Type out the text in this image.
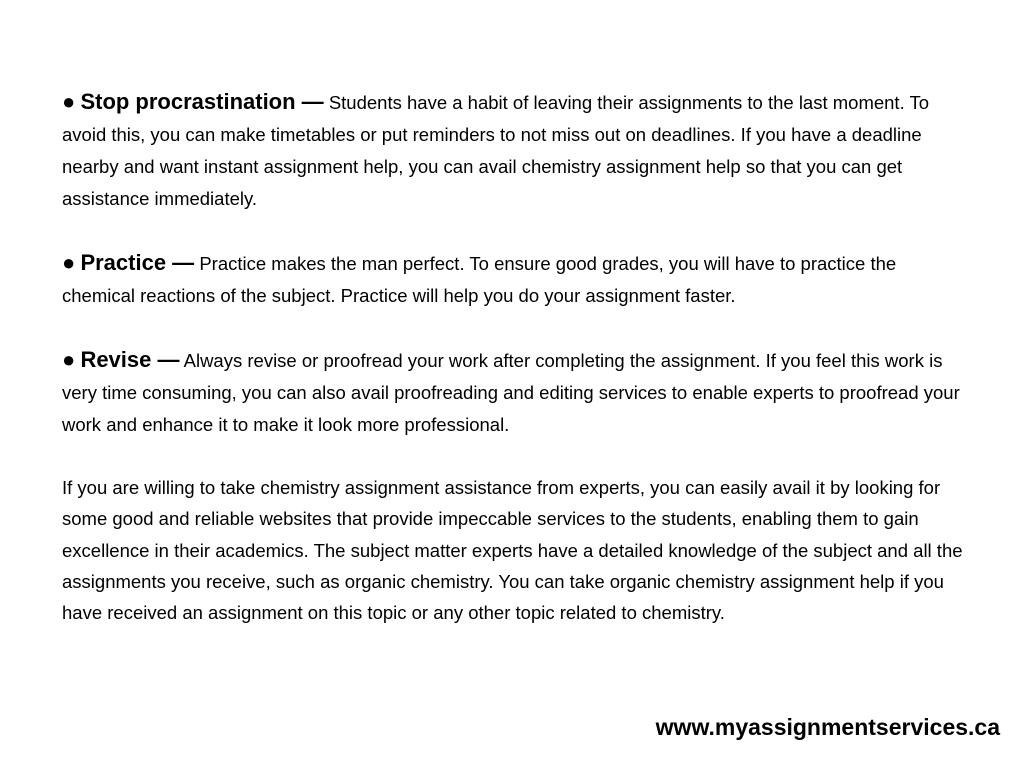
● Stop procrastination — Students have a habit of leaving their assignments to the last moment. To avoid this, you can make timetables or put reminders to not miss out on deadlines. If you have a deadline nearby and want instant assignment help, you can avail chemistry assignment help so that you can get assistance immediately.

● Practice — Practice makes the man perfect. To ensure good grades, you will have to practice the chemical reactions of the subject. Practice will help you do your assignment faster.

● Revise — Always revise or proofread your work after completing the assignment. If you feel this work is very time consuming, you can also avail proofreading and editing services to enable experts to proofread your work and enhance it to make it look more professional.

If you are willing to take chemistry assignment assistance from experts, you can easily avail it by looking for some good and reliable websites that provide impeccable services to the students, enabling them to gain excellence in their academics. The subject matter experts have a detailed knowledge of the subject and all the assignments you receive, such as organic chemistry. You can take organic chemistry assignment help if you have received an assignment on this topic or any other topic related to chemistry.

www.myassignmentservices.ca
